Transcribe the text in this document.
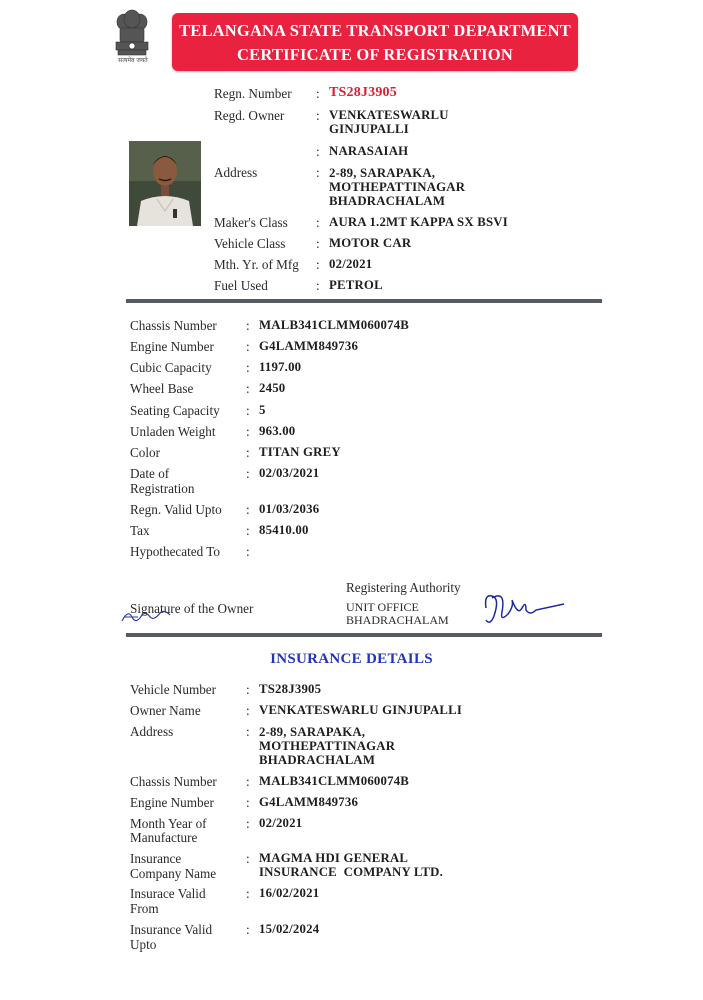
सत्यमेव जयते
TELANGANA STATE TRANSPORT DEPARTMENT
CERTIFICATE OF REGISTRATION
Regn. Number : TS28J3905
Regd. Owner : VENKATESWARLU
GINJUPALLI
: NARASAIAH
Address	: 2-89, SARAPAKA,
MOTHEPATTINAGAR
BHADRACHALAM
Maker's Class : AURA 1.2MT KAPPA SX BSVI
Vehicle Class : MOTOR CAR
Mth. Yr. of Mfg : 02/2021
Fuel Used	: PETROL
Chassis Number : MALB341CLMM060074B
Engine Number : G4LAMM849736
Cubic Capacity	: 1197.00
Wheel Base	: 2450
Seating Capacity : 5
Unladen Weight : 963.00
Color	: TITAN GREY
Date of
Registration
: 02/03/2021
Regn. Valid Upto : 01/03/2036
Tax	: 85410.00
Hypothecated To :
Registering Authority
Signature of the Owner	UNIT OFFICE
BHADRACHALAM
INSURANCE DETAILS
Vehicle Number : TS28J3905
Owner Name	: VENKATESWARLU GINJUPALLI
Address	: 2-89, SARAPAKA,
MOTHEPATTINAGAR
BHADRACHALAM
Chassis Number : MALB341CLMM060074B
Engine Number : G4LAMM849736
Month Year of
Manufacture
: 02/2021
Insurance
Company Name
: MAGMA HDI GENERAL
INSURANCE  COMPANY LTD.
Insurace Valid
From
: 16/02/2021
Insurance Valid
Upto
: 15/02/2024
